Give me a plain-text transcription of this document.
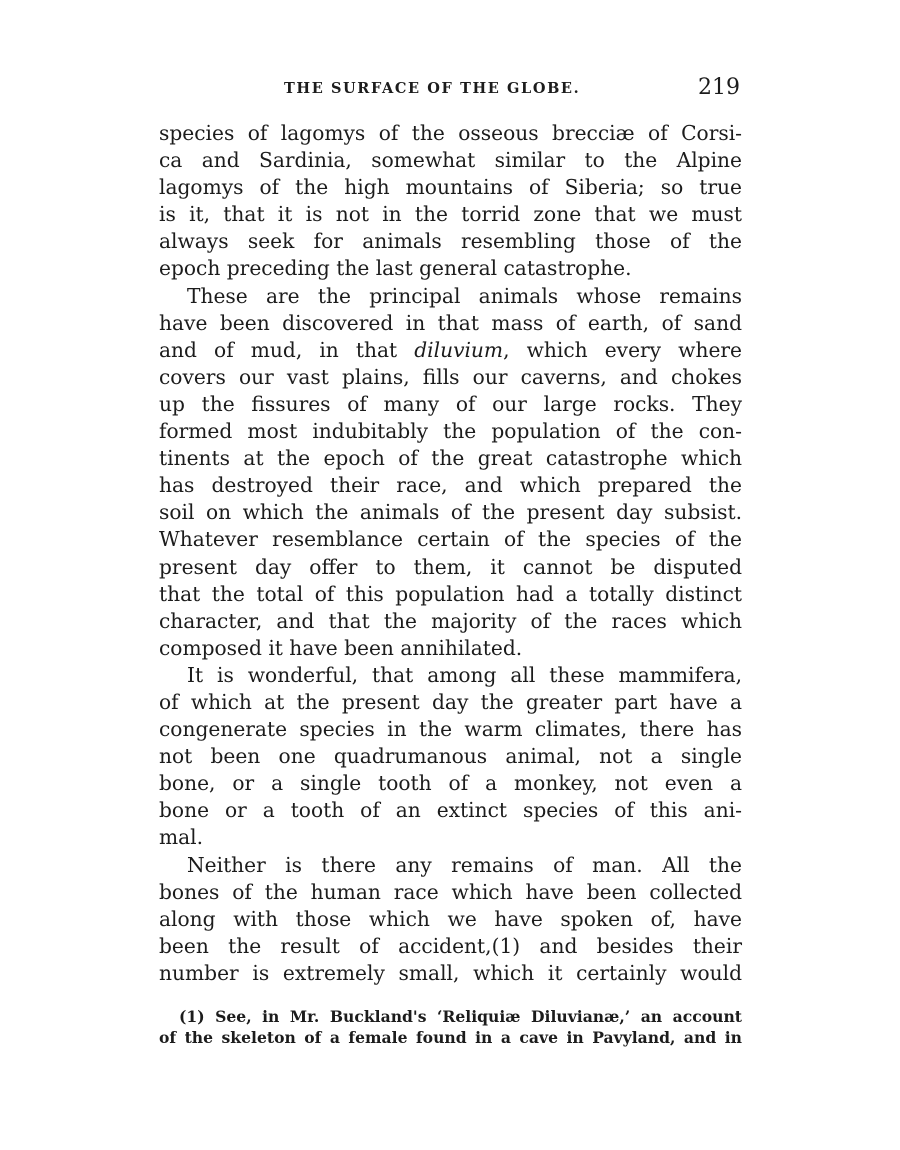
THE SURFACE OF THE GLOBE.	219
species of lagomys of the osseous brecciæ of Corsi-
ca and Sardinia, somewhat similar to the Alpine
lagomys of the high mountains of Siberia; so true
is it, that it is not in the torrid zone that we must
always seek for animals resembling those of the
epoch preceding the last general catastrophe.
These are the principal animals whose remains
have been discovered in that mass of earth, of sand
and of mud, in that diluvium, which every where
covers our vast plains, fills our caverns, and chokes
up the fissures of many of our large rocks. They
formed most indubitably the population of the con-
tinents at the epoch of the great catastrophe which
has destroyed their race, and which prepared the
soil on which the animals of the present day subsist.
Whatever resemblance certain of the species of the
present day offer to them, it cannot be disputed
that the total of this population had a totally distinct
character, and that the majority of the races which
composed it have been annihilated.
It is wonderful, that among all these mammifera,
of which at the present day the greater part have a
congenerate species in the warm climates, there has
not been one quadrumanous animal, not a single
bone, or a single tooth of a monkey, not even a
bone or a tooth of an extinct species of this ani-
mal.
Neither is there any remains of man. All the
bones of the human race which have been collected
along with those which we have spoken of, have
been the result of accident,(1) and besides their
number is extremely small, which it certainly would
(1) See, in Mr. Buckland's ‘Reliquiæ Diluvianæ,’ an account
of the skeleton of a female found in a cave in Pavyland, and in
